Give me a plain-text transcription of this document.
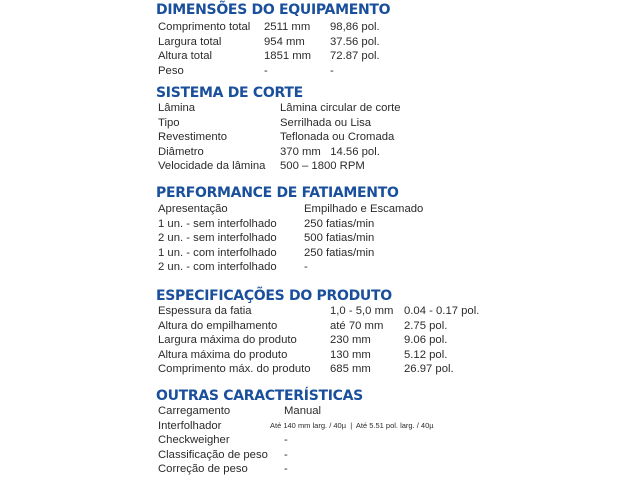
DIMENSÕES DO EQUIPAMENTO
Comprimento total 2511 mm 98,86 pol.
Largura total	954 mm 37.56 pol.
Altura total	1851 mm 72.87 pol.
Peso	-	-
SISTEMA DE CORTE
Lâmina	Lâmina circular de corte
Tipo	Serrilhada ou Lisa
Revestimento	Teflonada ou Cromada
Diâmetro	370 mm   14.56 pol.
Velocidade da lâmina 500 – 1800 RPM
PERFORMANCE DE FATIAMENTO
Apresentação	Empilhado e Escamado
1 un. - sem interfolhado 250 fatias/min
2 un. - sem interfolhado 500 fatias/min
1 un. - com interfolhado 250 fatias/min
2 un. - com interfolhado -
ESPECIFICAÇÕES DO PRODUTO
Espessura da fatia	1,0 - 5,0 mm 0.04 - 0.17 pol.
Altura do empilhamento	até 70 mm 2.75 pol.
Largura máxima do produto	230 mm	9.06 pol.
Altura máxima do produto	130 mm	5.12 pol.
Comprimento máx. do produto 685 mm	26.97 pol.
OUTRAS CARACTERÍSTICAS
Carregamento	Manual
Interfolhador	Até 140 mm larg. / 40µ  |  Até 5.51 pol. larg. / 40µ
Checkweigher	-
Classificação de peso -
Correção de peso	-
